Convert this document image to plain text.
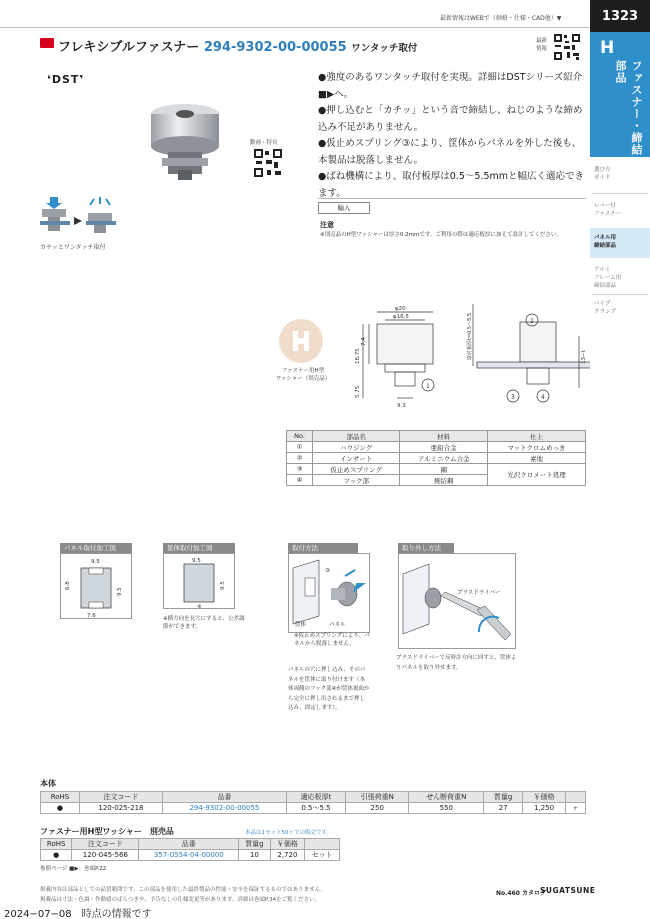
最新情報はWEBで（価格・仕様・CAD他）▼	1323
H
ファスナー・締結部品
選び方
ガイド
レバー付
ファスナー
パネル用
締結部品
アルミ
フレーム用
締結部品
パイプ
クランプ
フレキシブルファスナー 294-9302-00-00055 ワンタッチ取付
最新
情報
❛DST❜
動画・特長
カチッとワンタッチ取付
●強度のあるワンタッチ取付を実現。詳細はDSTシリーズ紹介■▶へ。
●押し込むと「カチッ」という音で締結し、ねじのような締め込み不足がありません。
●仮止めスプリング③により、筐体からパネルを外した後も、本製品は脱落しません。
●ばね機構により、取付板厚は0.5～5.5mmと幅広く適応できます。
輸入
注意
※別売品のH型ワッシャーは厚さ0.2mmです。ご利用の際は適応板厚に加えて設計してください。
ファスナー用H型
ワッシャー（別売品）
φ20
φ16.5
7.4
18.75
5.75
9.3
取付板厚t=0.5～5.5	13−t
1
2
3	4
No.	部品名	材料	仕上
①	ハウジング	亜鉛合金	マットクロムめっき
②	インサート	アルミニウム合金	素地
③	仮止めスプリング	鋼	光沢クロメート処理
④	フック部	焼結鋼	
パネル取付加工図
9.5
6.8
9.5
7.6
筐体取付加工図
9.5
9.5
※
※横方向を長穴にすると、公差調節ができます。
取付方法
筐体	パネル
③
※仮止めスプリングにより、パネルから脱落しません。
パネルの穴に押し込み、そのパネルを筐体に取り付けます（本体両側のフック部④が筐体裏面から完全に押し出されるまで押し込み、固定します）。
取り外し方法
プラスドライバー
プラスドライバーで反時計方向に回すと、筐体よりパネルを取り外せます。
本体
RoHS	注文コード	品番	適応板厚t	引張荷重N	せん断荷重N	質量g	￥価格	
●	120-025-218	294-9302-00-00055	0.5～5.5	250	550	27	1,250	ヶ
ファスナー用H型ワッシャー　別売品	本品は1セット50ヶでの販売です。
RoHS	注文コード	品番	質量g	￥価格	
●	120-045-566	357-0554-04-00000	10	2,720	セット
参照ページ ■▶：巻頭P.22
掲載内容は部品としての品質範囲です。この部品を使用した最終製品の性能・安全を保証するものではありません。
掲載品は寸法・色調・作動感のばらつきや、予告なしの仕様変更等があります。詳細は巻頭P.34をご覧ください。
No.460 カタログ
SUGATSUNE
2024−07−08　時点の情報です
